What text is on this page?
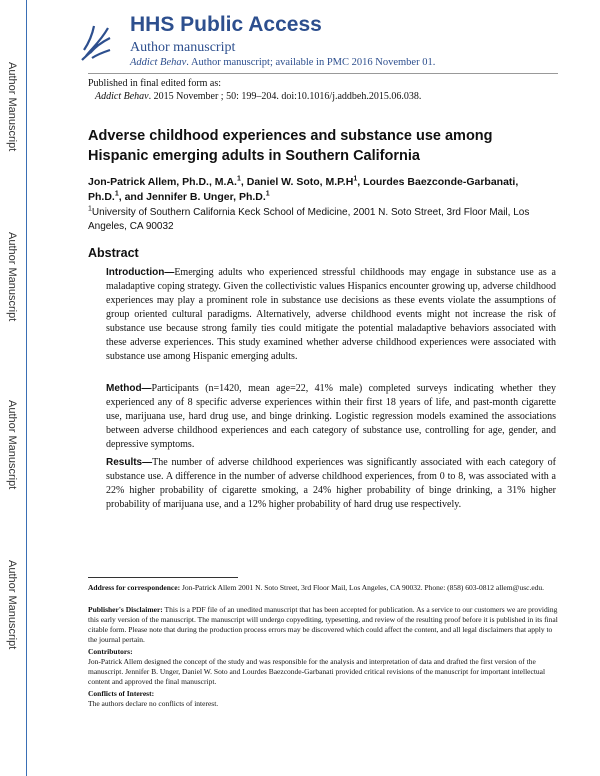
Author Manuscript
Author Manuscript
Author Manuscript
Author Manuscript
HHS Public Access
Author manuscript
Addict Behav. Author manuscript; available in PMC 2016 November 01.
Published in final edited form as:
Addict Behav. 2015 November ; 50: 199–204. doi:10.1016/j.addbeh.2015.06.038.
Adverse childhood experiences and substance use among Hispanic emerging adults in Southern California
Jon-Patrick Allem, Ph.D., M.A.$^1$, Daniel W. Soto, $M.P.H^1$, Lourdes Baezconde-Garbanati, Ph.D.$^1$, and Jennifer B. Unger, Ph.D.$^1$
$^1$University of Southern California Keck School of Medicine, 2001 N. Soto Street, 3rd Floor Mail, Los Angeles, CA 90032
Abstract
Introduction—Emerging adults who experienced stressful childhoods may engage in substance use as a maladaptive coping strategy. Given the collectivistic values Hispanics encounter growing up, adverse childhood experiences may play a prominent role in substance use decisions as these events violate the assumptions of group oriented cultural paradigms. Alternatively, adverse childhood events might not increase the risk of substance use because strong family ties could mitigate the potential maladaptive behaviors associated with these adverse experiences. This study examined whether adverse childhood experiences were associated with substance use among Hispanic emerging adults.
Method—Participants (n=1420, mean age=22, 41% male) completed surveys indicating whether they experienced any of 8 specific adverse experiences within their first 18 years of life, and past-month cigarette use, marijuana use, hard drug use, and binge drinking. Logistic regression models examined the associations between adverse childhood experiences and each category of substance use, controlling for age, gender, and depressive symptoms.
Results—The number of adverse childhood experiences was significantly associated with each category of substance use. A difference in the number of adverse childhood experiences, from 0 to 8, was associated with a 22% higher probability of cigarette smoking, a 24% higher probability of binge drinking, a 31% higher probability of marijuana use, and a 12% higher probability of hard drug use respectively.
Address for correspondence: Jon-Patrick Allem 2001 N. Soto Street, 3rd Floor Mail, Los Angeles, CA 90032. Phone: (858) 603-0812 allem@usc.edu.
Publisher's Disclaimer: This is a PDF file of an unedited manuscript that has been accepted for publication. As a service to our customers we are providing this early version of the manuscript. The manuscript will undergo copyediting, typesetting, and review of the resulting proof before it is published in its final citable form. Please note that during the production process errors may be discovered which could affect the content, and all legal disclaimers that apply to the journal pertain.
Contributors:
Jon-Patrick Allem designed the concept of the study and was responsible for the analysis and interpretation of data and drafted the first version of the manuscript. Jennifer B. Unger, Daniel W. Soto and Lourdes Baezconde-Garbanati provided critical revisions of the manuscript for important intellectual content and approved the final manuscript.
Conflicts of Interest:
The authors declare no conflicts of interest.
